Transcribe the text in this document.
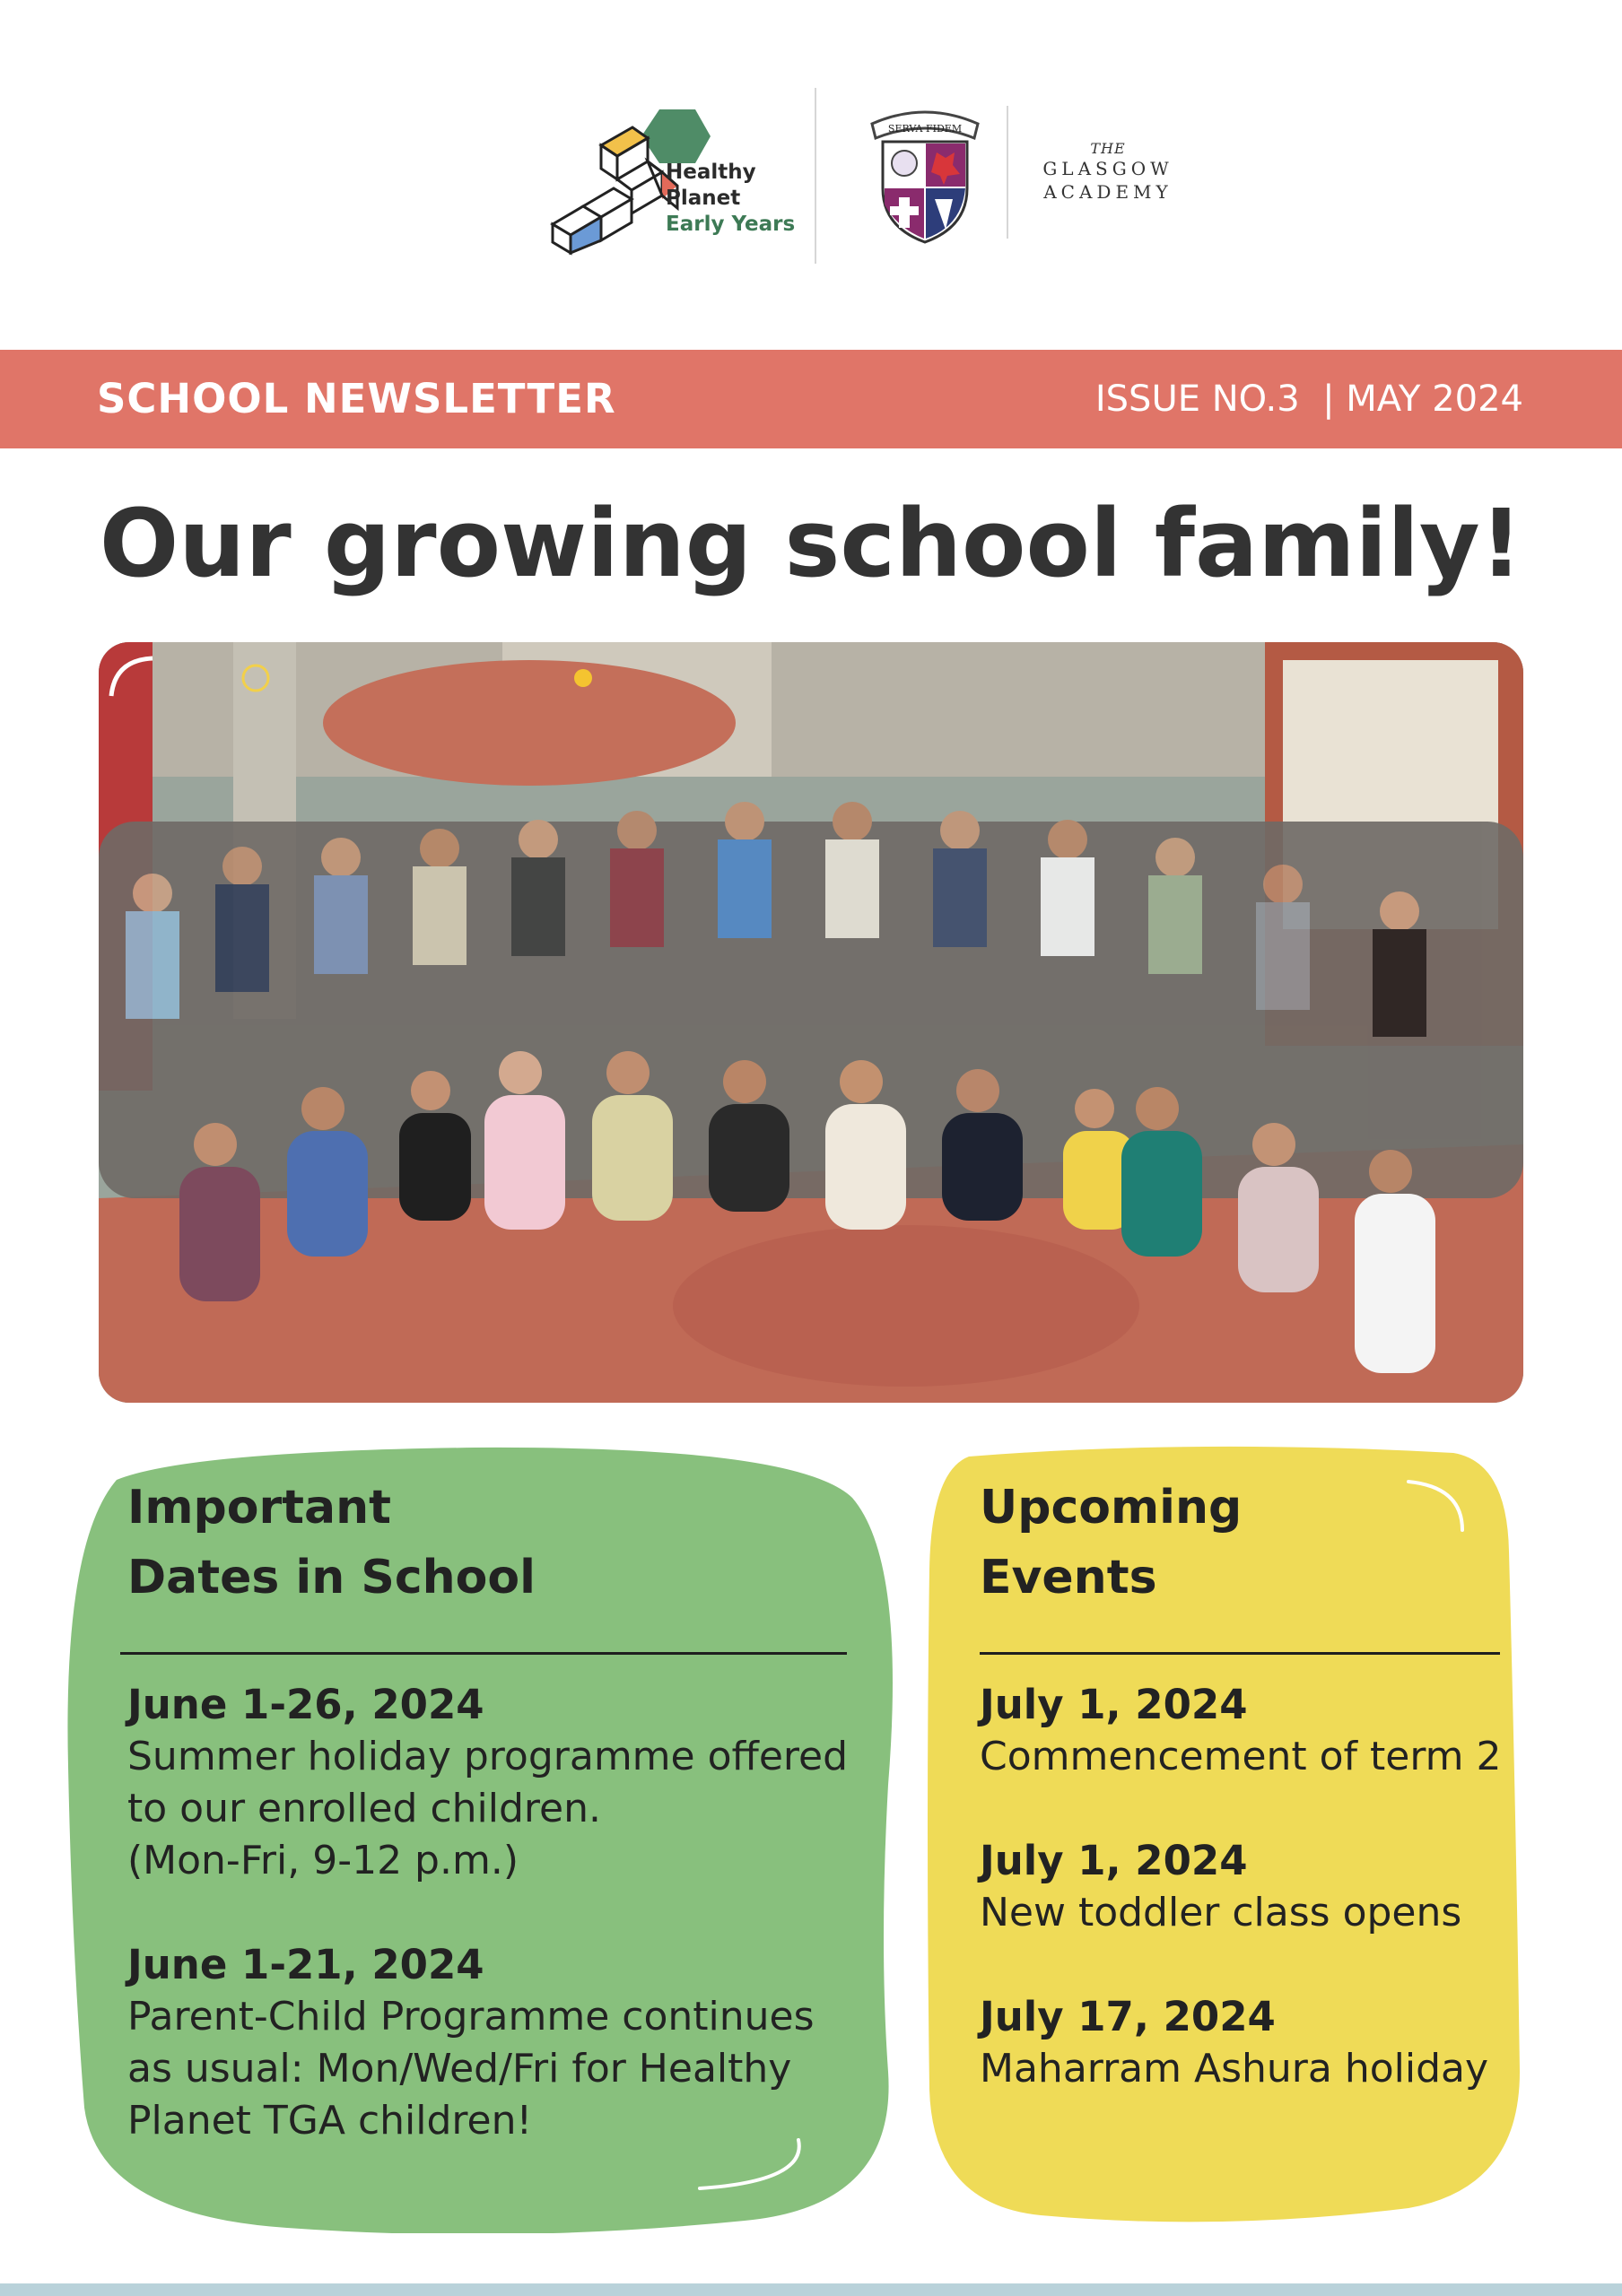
Healthy
Planet
Early Years
SERVA FIDEM
THE
GLASGOW
ACADEMY
SCHOOL NEWSLETTER	ISSUE NO.3  | MAY 2024
Our growing school family!
Important
Dates in School
June 1-26, 2024
Summer holiday programme offered
to our enrolled children.
(Mon-Fri, 9-12 p.m.)
June 1-21, 2024
Parent-Child Programme continues
as usual: Mon/Wed/Fri for Healthy
Planet TGA children!
Upcoming
Events
July 1, 2024
Commencement of term 2
July 1, 2024
New toddler class opens
July 17, 2024
Maharram Ashura holiday
